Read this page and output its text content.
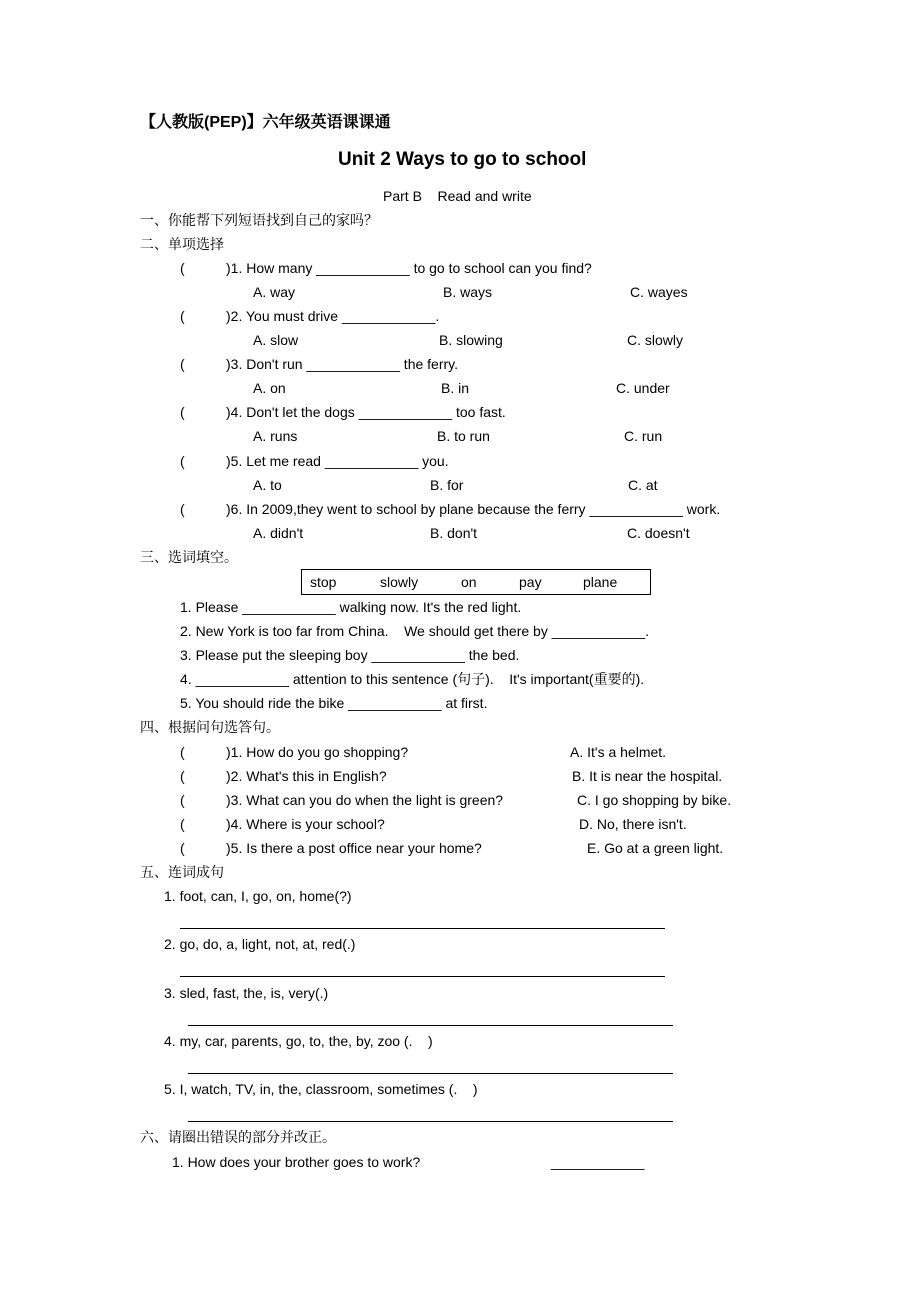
【人教版(PEP)】六年级英语课课通
Unit 2 Ways to go to school
Part B    Read and write
一、你能帮下列短语找到自己的家吗？
二、单项选择
(	)1. How many ____________ to go to school can you find?
A. way	B. ways	C. wayes
(	)2. You must drive ____________.
A. slow	B. slowing	C. slowly
(	)3. Don't run ____________ the ferry.
A. on	B. in	C. under
(	)4. Don't let the dogs ____________ too fast.
A. runs	B. to run	C. run
(	)5. Let me read ____________ you.
A. to	B. for	C. at
(	)6. In 2009,they went to school by plane because the ferry ____________ work.
A. didn't	B. don't	C. doesn't
三、选词填空。
stop	slowly	on	pay	plane
1. Please ____________ walking now. It's the red light.
2. New York is too far from China.    We should get there by ____________.
3. Please put the sleeping boy ____________ the bed.
4. ____________ attention to this sentence (句子).    It's important(重要的).
5. You should ride the bike ____________ at first.
四、根据问句选答句。
(	)1. How do you go shopping?	A. It's a helmet.
(	)2. What's this in English?	B. It is near the hospital.
(	)3. What can you do when the light is green?	C. I go shopping by bike.
(	)4. Where is your school?	D. No, there isn't.
(	)5. Is there a post office near your home?	E. Go at a green light.
五、连词成句
1. foot, can, I, go, on, home(?)
2. go, do, a, light, not, at, red(.)
3. sled, fast, the, is, very(.)
4. my, car, parents, go, to, the, by, zoo (.    )
5. I, watch, TV, in, the, classroom, sometimes (.    )
六、请圈出错误的部分并改正。
1. How does your brother goes to work?	____________
